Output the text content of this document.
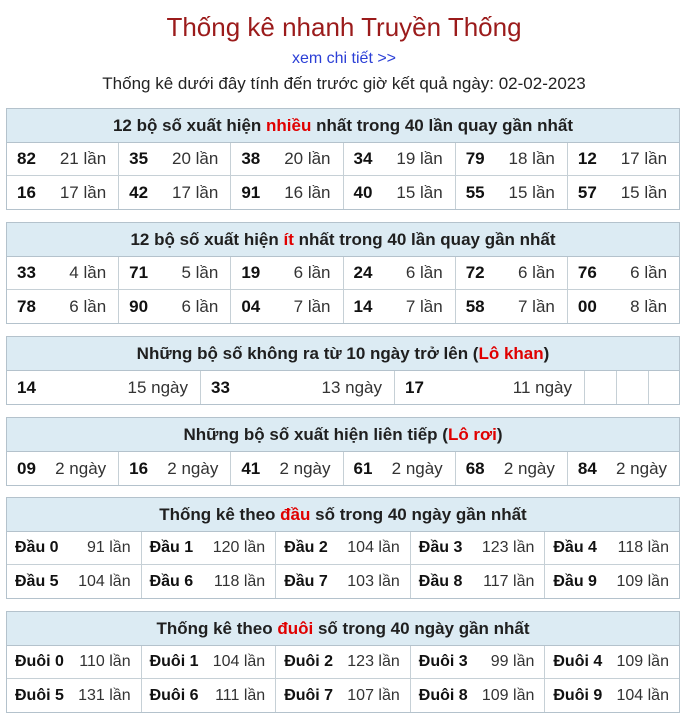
Thống kê nhanh Truyền Thống
xem chi tiết >>
Thống kê dưới đây tính đến trước giờ kết quả ngày: 02-02-2023
12 bộ số xuất hiện
nhiều
nhất trong 40 lần quay gần nhất
82 21 lần 35 20 lần 38 20 lần 34 19 lần 79 18 lần 12 17 lần
16 17 lần 42 17 lần 91 16 lần 40 15 lần 55 15 lần 57 15 lần
12 bộ số xuất hiện
ít
nhất trong 40 lần quay gần nhất
33 4 lần 71 5 lần 19 6 lần 24 6 lần 72 6 lần 76 6 lần
78 6 lần 90 6 lần 04 7 lần 14 7 lần 58 7 lần 00 8 lần
Những bộ số không ra từ 10 ngày trở lên ( Lô khan )
14	15 ngày 33	13 ngày 17	11 ngày
Những bộ số xuất hiện liên tiếp ( Lô rơi )
09 2 ngày 16 2 ngày 41 2 ngày 61 2 ngày 68 2 ngày 84 2 ngày
Thống kê theo
đầu
số trong 40 ngày gần nhất
Đầu 0 91 lần Đầu 1 120 lần Đầu 2 104 lần Đầu 3 123 lần Đầu 4 118 lần
Đầu 5 104 lần Đầu 6 118 lần Đầu 7 103 lần Đầu 8 117 lần Đầu 9 109 lần
Thống kê theo
đuôi
số trong 40 ngày gần nhất
Đuôi 0 110 lần Đuôi 1 104 lần Đuôi 2 123 lần Đuôi 3 99 lần Đuôi 4 109 lần
Đuôi 5 131 lần Đuôi 6 111 lần Đuôi 7 107 lần Đuôi 8 109 lần Đuôi 9 104 lần
